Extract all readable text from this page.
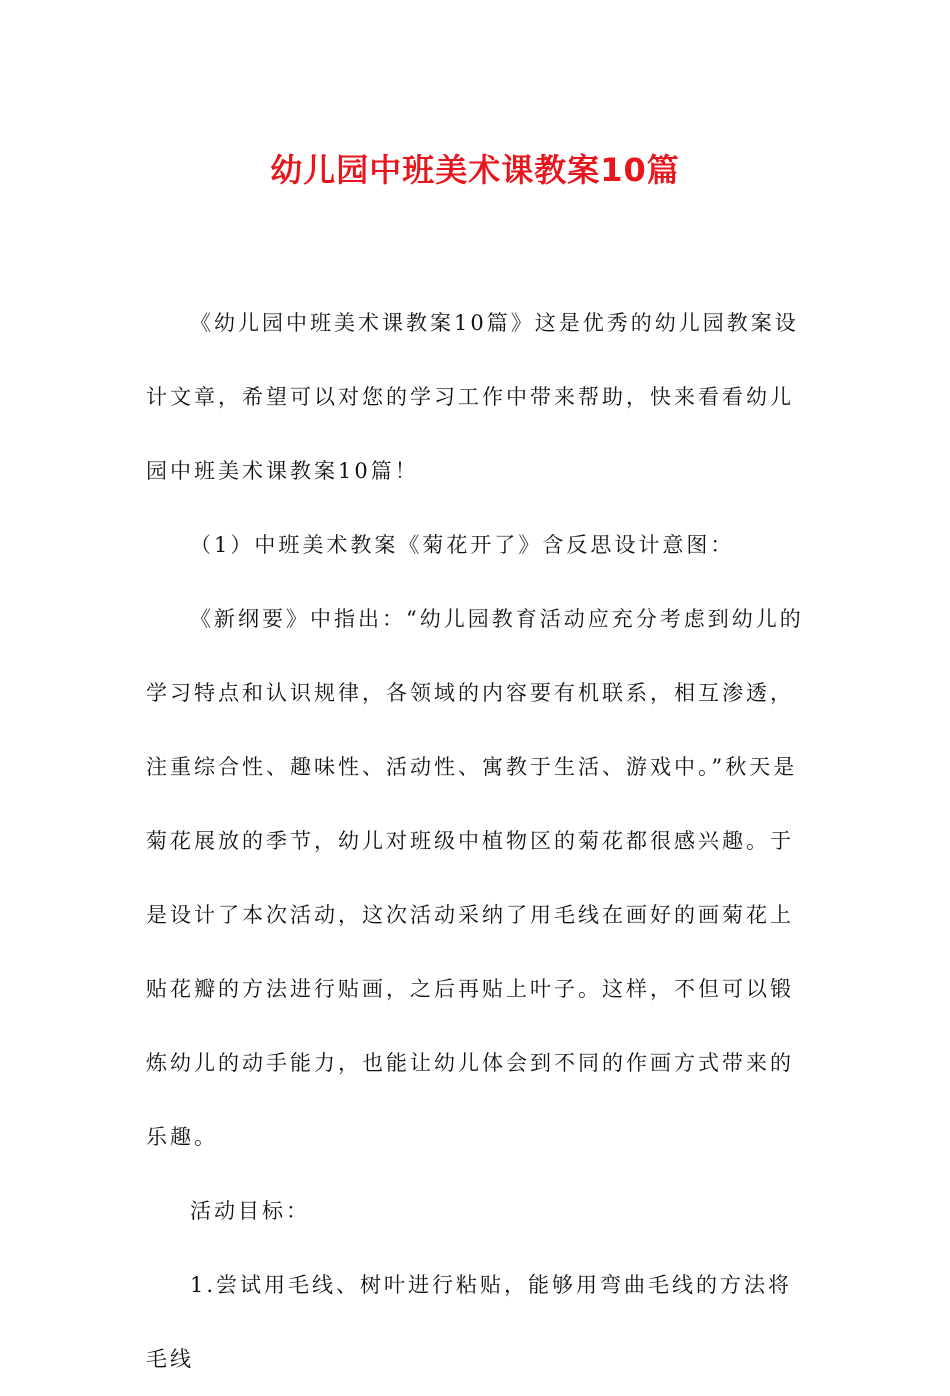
幼儿园中班美术课教案10篇

《幼儿园中班美术课教案10篇》这是优秀的幼儿园教案设计文章，希望可以对您的学习工作中带来帮助，快来看看幼儿园中班美术课教案10篇！

（1）中班美术教案《菊花开了》含反思设计意图：

《新纲要》中指出：“幼儿园教育活动应充分考虑到幼儿的学习特点和认识规律，各领域的内容要有机联系，相互渗透，注重综合性、趣味性、活动性、寓教于生活、游戏中。”秋天是菊花展放的季节，幼儿对班级中植物区的菊花都很感兴趣。于是设计了本次活动，这次活动采纳了用毛线在画好的画菊花上贴花瓣的方法进行贴画，之后再贴上叶子。这样，不但可以锻炼幼儿的动手能力，也能让幼儿体会到不同的作画方式带来的乐趣。

活动目标：

1.尝试用毛线、树叶进行粘贴，能够用弯曲毛线的方法将毛线
